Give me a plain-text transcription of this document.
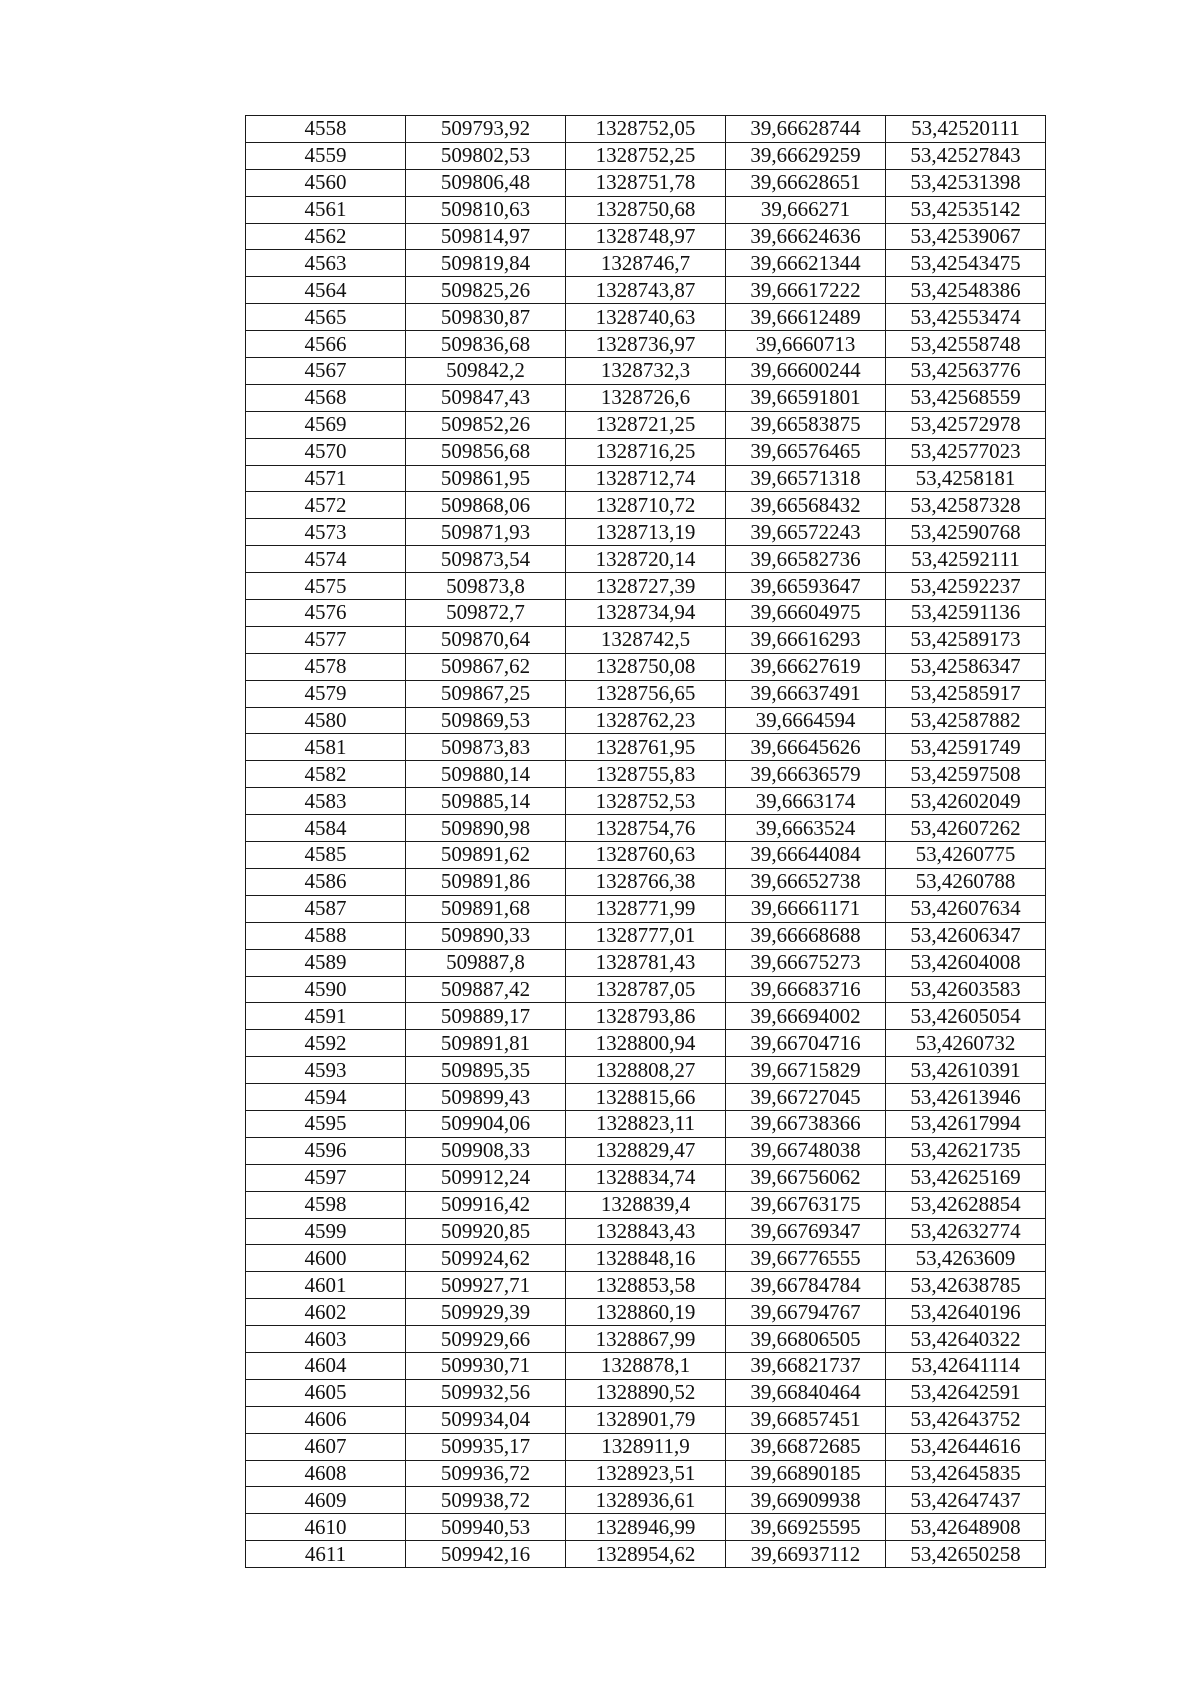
4558	509793,92	1328752,05	39,66628744	53,42520111
4559	509802,53	1328752,25	39,66629259	53,42527843
4560	509806,48	1328751,78	39,66628651	53,42531398
4561	509810,63	1328750,68	39,666271	53,42535142
4562	509814,97	1328748,97	39,66624636	53,42539067
4563	509819,84	1328746,7	39,66621344	53,42543475
4564	509825,26	1328743,87	39,66617222	53,42548386
4565	509830,87	1328740,63	39,66612489	53,42553474
4566	509836,68	1328736,97	39,6660713	53,42558748
4567	509842,2	1328732,3	39,66600244	53,42563776
4568	509847,43	1328726,6	39,66591801	53,42568559
4569	509852,26	1328721,25	39,66583875	53,42572978
4570	509856,68	1328716,25	39,66576465	53,42577023
4571	509861,95	1328712,74	39,66571318	53,4258181
4572	509868,06	1328710,72	39,66568432	53,42587328
4573	509871,93	1328713,19	39,66572243	53,42590768
4574	509873,54	1328720,14	39,66582736	53,42592111
4575	509873,8	1328727,39	39,66593647	53,42592237
4576	509872,7	1328734,94	39,66604975	53,42591136
4577	509870,64	1328742,5	39,66616293	53,42589173
4578	509867,62	1328750,08	39,66627619	53,42586347
4579	509867,25	1328756,65	39,66637491	53,42585917
4580	509869,53	1328762,23	39,6664594	53,42587882
4581	509873,83	1328761,95	39,66645626	53,42591749
4582	509880,14	1328755,83	39,66636579	53,42597508
4583	509885,14	1328752,53	39,6663174	53,42602049
4584	509890,98	1328754,76	39,6663524	53,42607262
4585	509891,62	1328760,63	39,66644084	53,4260775
4586	509891,86	1328766,38	39,66652738	53,4260788
4587	509891,68	1328771,99	39,66661171	53,42607634
4588	509890,33	1328777,01	39,66668688	53,42606347
4589	509887,8	1328781,43	39,66675273	53,42604008
4590	509887,42	1328787,05	39,66683716	53,42603583
4591	509889,17	1328793,86	39,66694002	53,42605054
4592	509891,81	1328800,94	39,66704716	53,4260732
4593	509895,35	1328808,27	39,66715829	53,42610391
4594	509899,43	1328815,66	39,66727045	53,42613946
4595	509904,06	1328823,11	39,66738366	53,42617994
4596	509908,33	1328829,47	39,66748038	53,42621735
4597	509912,24	1328834,74	39,66756062	53,42625169
4598	509916,42	1328839,4	39,66763175	53,42628854
4599	509920,85	1328843,43	39,66769347	53,42632774
4600	509924,62	1328848,16	39,66776555	53,4263609
4601	509927,71	1328853,58	39,66784784	53,42638785
4602	509929,39	1328860,19	39,66794767	53,42640196
4603	509929,66	1328867,99	39,66806505	53,42640322
4604	509930,71	1328878,1	39,66821737	53,42641114
4605	509932,56	1328890,52	39,66840464	53,42642591
4606	509934,04	1328901,79	39,66857451	53,42643752
4607	509935,17	1328911,9	39,66872685	53,42644616
4608	509936,72	1328923,51	39,66890185	53,42645835
4609	509938,72	1328936,61	39,66909938	53,42647437
4610	509940,53	1328946,99	39,66925595	53,42648908
4611	509942,16	1328954,62	39,66937112	53,42650258
